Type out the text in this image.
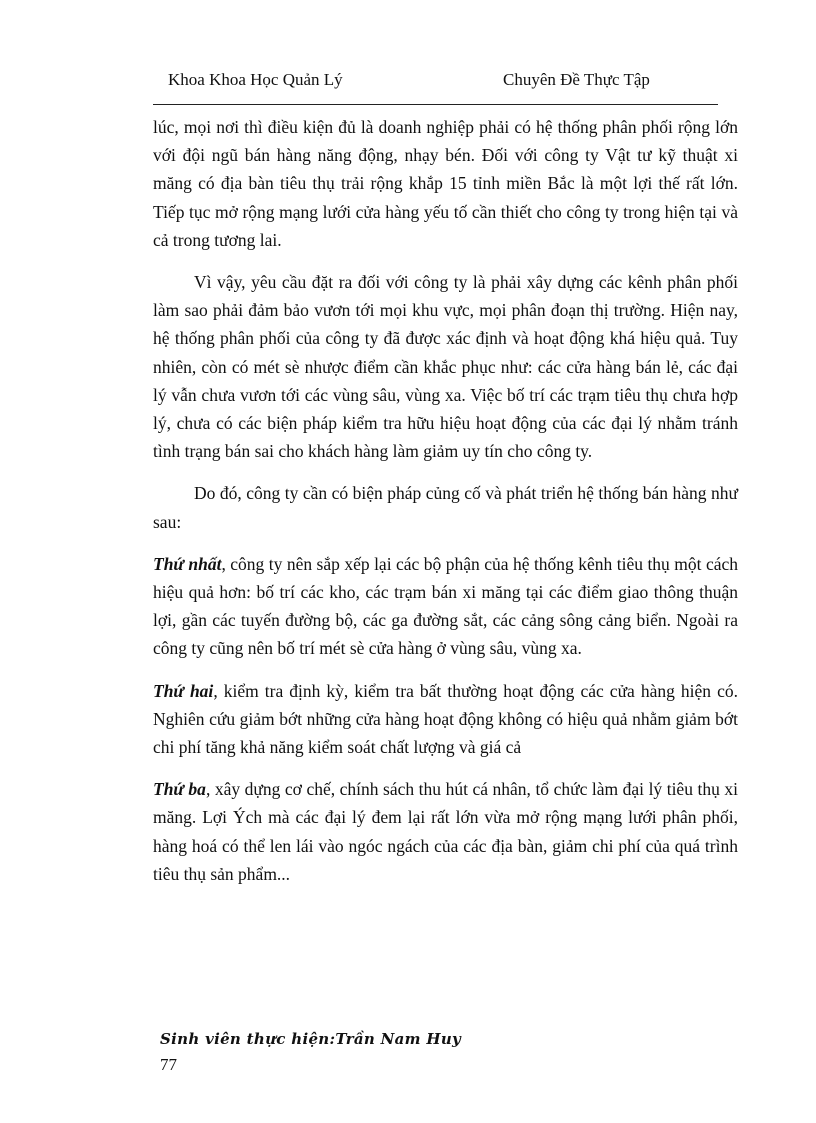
Khoa Khoa Học Quản Lý	Chuyên Đề Thực Tập

lúc, mọi nơi thì điều kiện đủ là doanh nghiệp phải có hệ thống phân phối rộng lớn với đội ngũ bán hàng năng động, nhạy bén. Đối với công ty Vật tư kỹ thuật xi măng có địa bàn tiêu thụ trải rộng khắp 15 tỉnh miền Bắc là một lợi thế rất lớn. Tiếp tục mở rộng mạng lưới cửa hàng yếu tố cần thiết cho công ty trong hiện tại và cả trong tương lai.

Vì vậy, yêu cầu đặt ra đối với công ty là phải xây dựng các kênh phân phối làm sao phải đảm bảo vươn tới mọi khu vực, mọi phân đoạn thị trường. Hiện nay, hệ thống phân phối của công ty đã được xác định và hoạt động khá hiệu quả. Tuy nhiên, còn có mét sè nhược điểm cần khắc phục như: các cửa hàng bán lẻ, các đại lý vẫn chưa vươn tới các vùng sâu, vùng xa. Việc bố trí các trạm tiêu thụ chưa hợp lý, chưa có các biện pháp kiểm tra hữu hiệu hoạt động của các đại lý nhằm tránh tình trạng bán sai cho khách hàng làm giảm uy tín cho công ty.

Do đó, công ty cần có biện pháp củng cố và phát triển hệ thống bán hàng như sau:

Thứ nhất, công ty nên sắp xếp lại các bộ phận của hệ thống kênh tiêu thụ một cách hiệu quả hơn: bố trí các kho, các trạm bán xi măng tại các điểm giao thông thuận lợi, gần các tuyến đường bộ, các ga đường sắt, các cảng sông cảng biển. Ngoài ra công ty cũng nên bố trí mét sè cửa hàng ở vùng sâu, vùng xa.

Thứ hai, kiểm tra định kỳ, kiểm tra bất thường hoạt động các cửa hàng hiện có. Nghiên cứu giảm bớt những cửa hàng hoạt động không có hiệu quả nhằm giảm bớt chi phí tăng khả năng kiểm soát chất lượng và giá cả

Thứ ba, xây dựng cơ chế, chính sách thu hút cá nhân, tổ chức làm đại lý tiêu thụ xi măng. Lợi Ých mà các đại lý đem lại rất lớn vừa mở rộng mạng lưới phân phối, hàng hoá có thể len lái vào ngóc ngách của các địa bàn, giảm chi phí của quá trình tiêu thụ sản phẩm...

Sinh viên thực hiện:Trần Nam Huy
77
